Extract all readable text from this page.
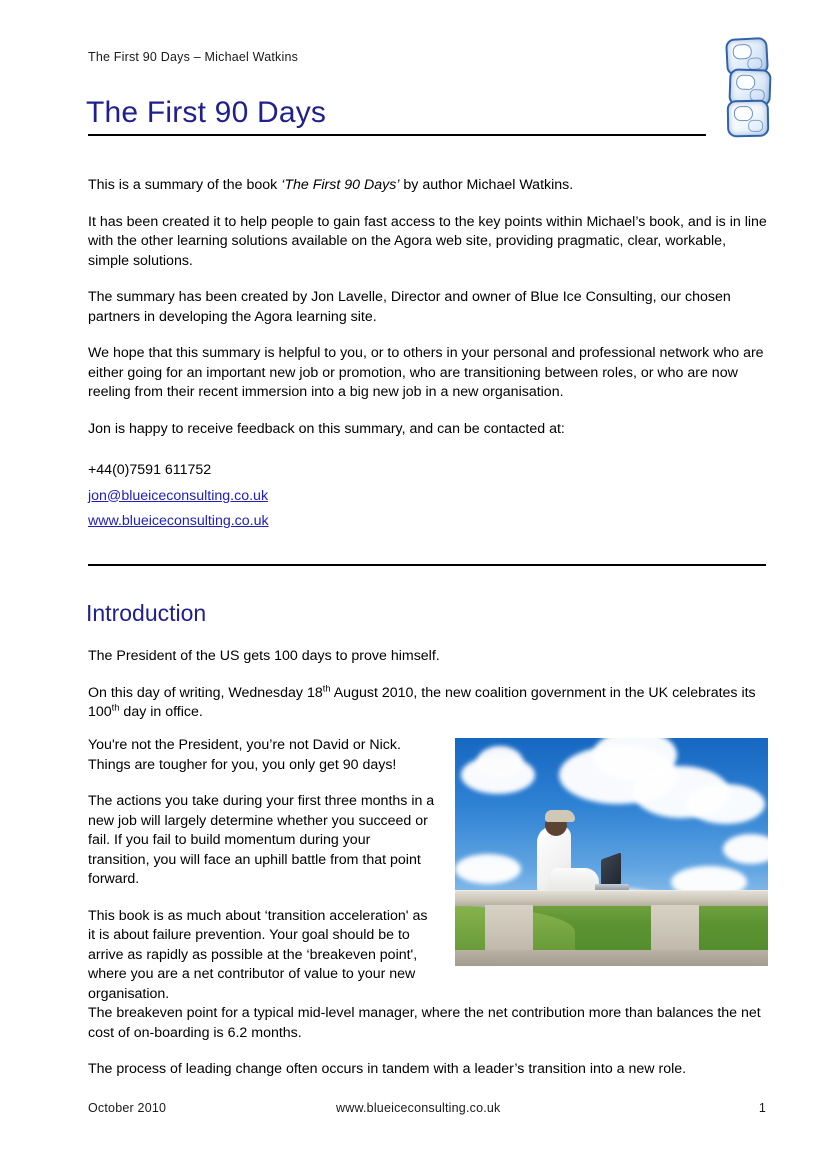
The First 90 Days – Michael Watkins
The First 90 Days

This is a summary of the book ‘The First 90 Days’ by author Michael Watkins.

It has been created it to help people to gain fast access to the key points within Michael’s book, and is in line with the other learning solutions available on the Agora web site, providing pragmatic, clear, workable, simple solutions.

The summary has been created by Jon Lavelle, Director and owner of Blue Ice Consulting, our chosen partners in developing the Agora learning site.

We hope that this summary is helpful to you, or to others in your personal and professional network who are either going for an important new job or promotion, who are transitioning between roles, or who are now reeling from their recent immersion into a big new job in a new organisation.

Jon is happy to receive feedback on this summary, and can be contacted at:

+44(0)7591 611752
jon@blueiceconsulting.co.uk
www.blueiceconsulting.co.uk
Introduction

The President of the US gets 100 days to prove himself.

On this day of writing, Wednesday 18th August 2010, the new coalition government in the UK celebrates its 100th day in office.

You're not the President, you’re not David or Nick. Things are tougher for you, you only get 90 days!

The actions you take during your first three months in a new job will largely determine whether you succeed or fail. If you fail to build momentum during your transition, you will face an uphill battle from that point forward.

This book is as much about ‘transition acceleration' as it is about failure prevention. Your goal should be to arrive as rapidly as possible at the ‘breakeven point', where you are a net contributor of value to your new organisation.

The breakeven point for a typical mid-level manager, where the net contribution more than balances the net cost of on-boarding is 6.2 months.

The process of leading change often occurs in tandem with a leader’s transition into a new role.

October 2010	www.blueiceconsulting.co.uk	1
